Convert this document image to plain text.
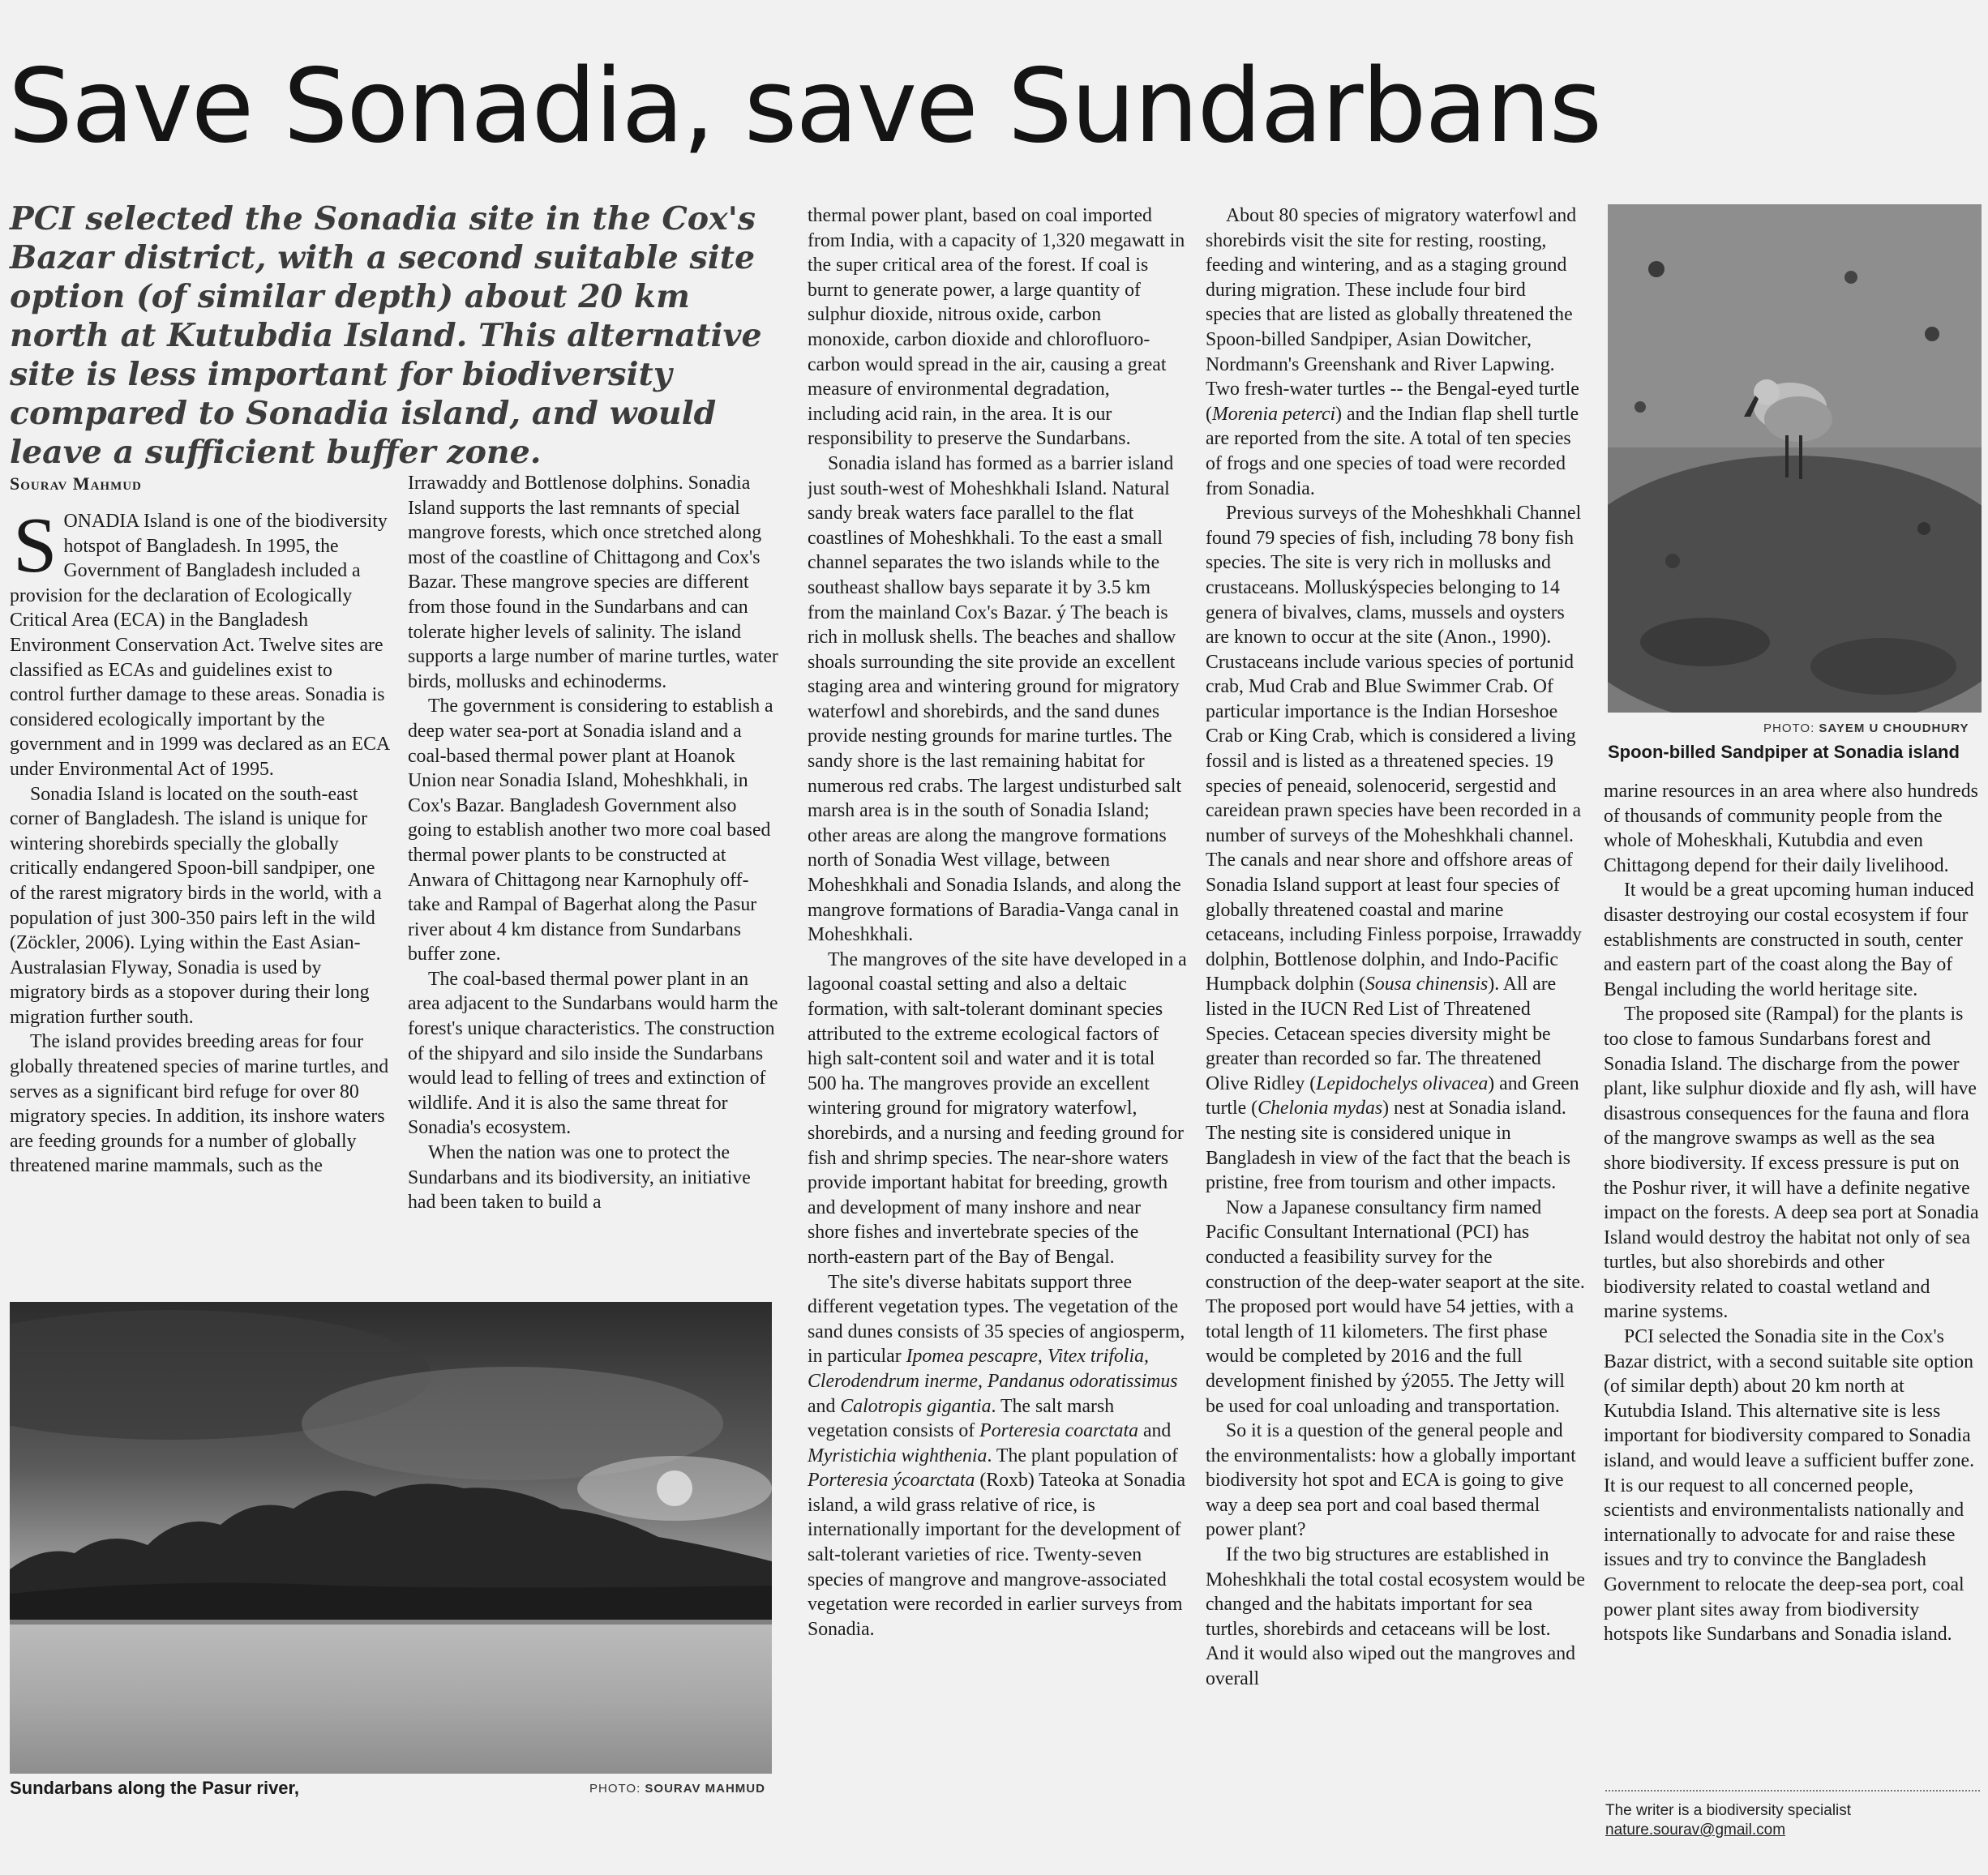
Save Sonadia, save Sundarbans
PCI selected the Sonadia site in the Cox's Bazar district, with a second suitable site option (of similar depth) about 20 km north at Kutubdia Island. This alternative site is less important for biodiversity compared to Sonadia island, and would leave a sufficient buffer zone.
Sourav Mahmud

SONADIA Island is one of the biodiversity hotspot of Bangladesh. In 1995, the Government of Bangladesh included a provision for the declaration of Ecologically Critical Area (ECA) in the Bangladesh Environment Conservation Act. Twelve sites are classified as ECAs and guidelines exist to control further damage to these areas. Sonadia is considered ecologically important by the government and in 1999 was declared as an ECA under Environmental Act of 1995.

Sonadia Island is located on the south-east corner of Bangladesh. The island is unique for wintering shorebirds specially the globally critically endangered Spoon-bill sandpiper, one of the rarest migratory birds in the world, with a population of just 300-350 pairs left in the wild (Zöckler, 2006). Lying within the East Asian-Australasian Flyway, Sonadia is used by migratory birds as a stopover during their long migration further south.

The island provides breeding areas for four globally threatened species of marine turtles, and serves as a significant bird refuge for over 80 migratory species. In addition, its inshore waters are feeding grounds for a number of globally threatened marine mammals, such as the

Irrawaddy and Bottlenose dolphins. Sonadia Island supports the last remnants of special mangrove forests, which once stretched along most of the coastline of Chittagong and Cox's Bazar. These mangrove species are different from those found in the Sundarbans and can tolerate higher levels of salinity. The island supports a large number of marine turtles, water birds, mollusks and echinoderms.

The government is considering to establish a deep water sea-port at Sonadia island and a coal-based thermal power plant at Hoanok Union near Sonadia Island, Moheshkhali, in Cox's Bazar. Bangladesh Government also going to establish another two more coal based thermal power plants to be constructed at Anwara of Chittagong near Karnophuly off-take and Rampal of Bagerhat along the Pasur river about 4 km distance from Sundarbans buffer zone.

The coal-based thermal power plant in an area adjacent to the Sundarbans would harm the forest's unique characteristics. The construction of the shipyard and silo inside the Sundarbans would lead to felling of trees and extinction of wildlife. And it is also the same threat for Sonadia's ecosystem.

When the nation was one to protect the Sundarbans and its biodiversity, an initiative had been taken to build a

thermal power plant, based on coal imported from India, with a capacity of 1,320 megawatt in the super critical area of the forest. If coal is burnt to generate power, a large quantity of sulphur dioxide, nitrous oxide, carbon monoxide, carbon dioxide and chlorofluoro-carbon would spread in the air, causing a great measure of environmental degradation, including acid rain, in the area. It is our responsibility to preserve the Sundarbans.

Sonadia island has formed as a barrier island just south-west of Moheshkhali Island. Natural sandy break waters face parallel to the flat coastlines of Moheshkhali. To the east a small channel separates the two islands while to the southeast shallow bays separate it by 3.5 km from the mainland Cox's Bazar. ý The beach is rich in mollusk shells. The beaches and shallow shoals surrounding the site provide an excellent staging area and wintering ground for migratory waterfowl and shorebirds, and the sand dunes provide nesting grounds for marine turtles. The sandy shore is the last remaining habitat for numerous red crabs. The largest undisturbed salt marsh area is in the south of Sonadia Island; other areas are along the mangrove formations north of Sonadia West village, between Moheshkhali and Sonadia Islands, and along the mangrove formations of Baradia-Vanga canal in Moheshkhali.

The mangroves of the site have developed in a lagoonal coastal setting and also a deltaic formation, with salt-tolerant dominant species attributed to the extreme ecological factors of high salt-content soil and water and it is total 500 ha. The mangroves provide an excellent wintering ground for migratory waterfowl, shorebirds, and a nursing and feeding ground for fish and shrimp species. The near-shore waters provide important habitat for breeding, growth and development of many inshore and near shore fishes and invertebrate species of the north-eastern part of the Bay of Bengal.

The site's diverse habitats support three different vegetation types. The vegetation of the sand dunes consists of 35 species of angiosperm, in particular Ipomea pescapre, Vitex trifolia, Clerodendrum inerme, Pandanus odoratissimus and Calotropis gigantia. The salt marsh vegetation consists of Porteresia coarctata and Myristichia wighthenia. The plant population of Porteresia ýcoarctata (Roxb) Tateoka at Sonadia island, a wild grass relative of rice, is internationally important for the development of salt-tolerant varieties of rice. Twenty-seven species of mangrove and mangrove-associated vegetation were recorded in earlier surveys from Sonadia.

About 80 species of migratory waterfowl and shorebirds visit the site for resting, roosting, feeding and wintering, and as a staging ground during migration. These include four bird species that are listed as globally threatened the Spoon-billed Sandpiper, Asian Dowitcher, Nordmann's Greenshank and River Lapwing. Two fresh-water turtles -- the Bengal-eyed turtle (Morenia peterci) and the Indian flap shell turtle are reported from the site. A total of ten species of frogs and one species of toad were recorded from Sonadia.

Previous surveys of the Moheshkhali Channel found 79 species of fish, including 78 bony fish species. The site is very rich in mollusks and crustaceans. Molluskýspecies belonging to 14 genera of bivalves, clams, mussels and oysters are known to occur at the site (Anon., 1990). Crustaceans include various species of portunid crab, Mud Crab and Blue Swimmer Crab. Of particular importance is the Indian Horseshoe Crab or King Crab, which is considered a living fossil and is listed as a threatened species. 19 species of peneaid, solenocerid, sergestid and careidean prawn species have been recorded in a number of surveys of the Moheshkhali channel. The canals and near shore and offshore areas of Sonadia Island support at least four species of globally threatened coastal and marine cetaceans, including Finless porpoise, Irrawaddy dolphin, Bottlenose dolphin, and Indo-Pacific Humpback dolphin (Sousa chinensis). All are listed in the IUCN Red List of Threatened Species. Cetacean species diversity might be greater than recorded so far. The threatened Olive Ridley (Lepidochelys olivacea) and Green turtle (Chelonia mydas) nest at Sonadia island. The nesting site is considered unique in Bangladesh in view of the fact that the beach is pristine, free from tourism and other impacts.

Now a Japanese consultancy firm named Pacific Consultant International (PCI) has conducted a feasibility survey for the construction of the deep-water seaport at the site. The proposed port would have 54 jetties, with a total length of 11 kilometers. The first phase would be completed by 2016 and the full development finished by ý2055. The Jetty will be used for coal unloading and transportation.

So it is a question of the general people and the environmentalists: how a globally important biodiversity hot spot and ECA is going to give way a deep sea port and coal based thermal power plant?

If the two big structures are established in Moheshkhali the total costal ecosystem would be changed and the habitats important for sea turtles, shorebirds and cetaceans will be lost. And it would also wiped out the mangroves and overall

marine resources in an area where also hundreds of thousands of community people from the whole of Moheskhali, Kutubdia and even Chittagong depend for their daily livelihood.

It would be a great upcoming human induced disaster destroying our costal ecosystem if four establishments are constructed in south, center and eastern part of the coast along the Bay of Bengal including the world heritage site.

The proposed site (Rampal) for the plants is too close to famous Sundarbans forest and Sonadia Island. The discharge from the power plant, like sulphur dioxide and fly ash, will have disastrous consequences for the fauna and flora of the mangrove swamps as well as the sea shore biodiversity. If excess pressure is put on the Poshur river, it will have a definite negative impact on the forests. A deep sea port at Sonadia Island would destroy the habitat not only of sea turtles, but also shorebirds and other biodiversity related to coastal wetland and marine systems.

PCI selected the Sonadia site in the Cox's Bazar district, with a second suitable site option (of similar depth) about 20 km north at Kutubdia Island. This alternative site is less important for biodiversity compared to Sonadia island, and would leave a sufficient buffer zone. It is our request to all concerned people, scientists and environmentalists nationally and internationally to advocate for and raise these issues and try to convince the Bangladesh Government to relocate the deep-sea port, coal power plant sites away from biodiversity hotspots like Sundarbans and Sonadia island.

Sundarbans along the Pasur river,	PHOTO: SOURAV MAHMUD
PHOTO: SAYEM U CHOUDHURY
Spoon-billed Sandpiper at Sonadia island
The writer is a biodiversity specialist
nature.sourav@gmail.com
